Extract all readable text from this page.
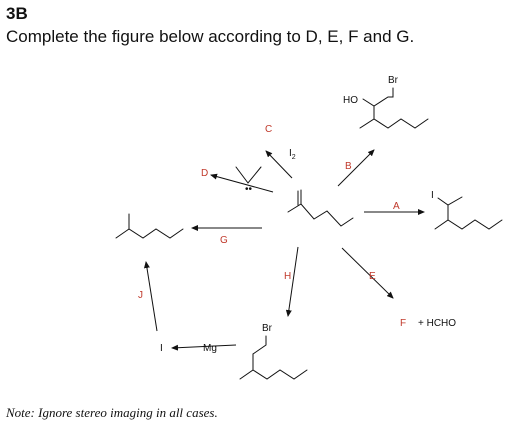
3B
Complete the figure below according to D, E, F and G.
HO
Br
I
Br
••
C
$I_2$
B
D
A
G
H	E
J
F + HCHO
I	Mg
Note: Ignore stereo imaging in all cases.
